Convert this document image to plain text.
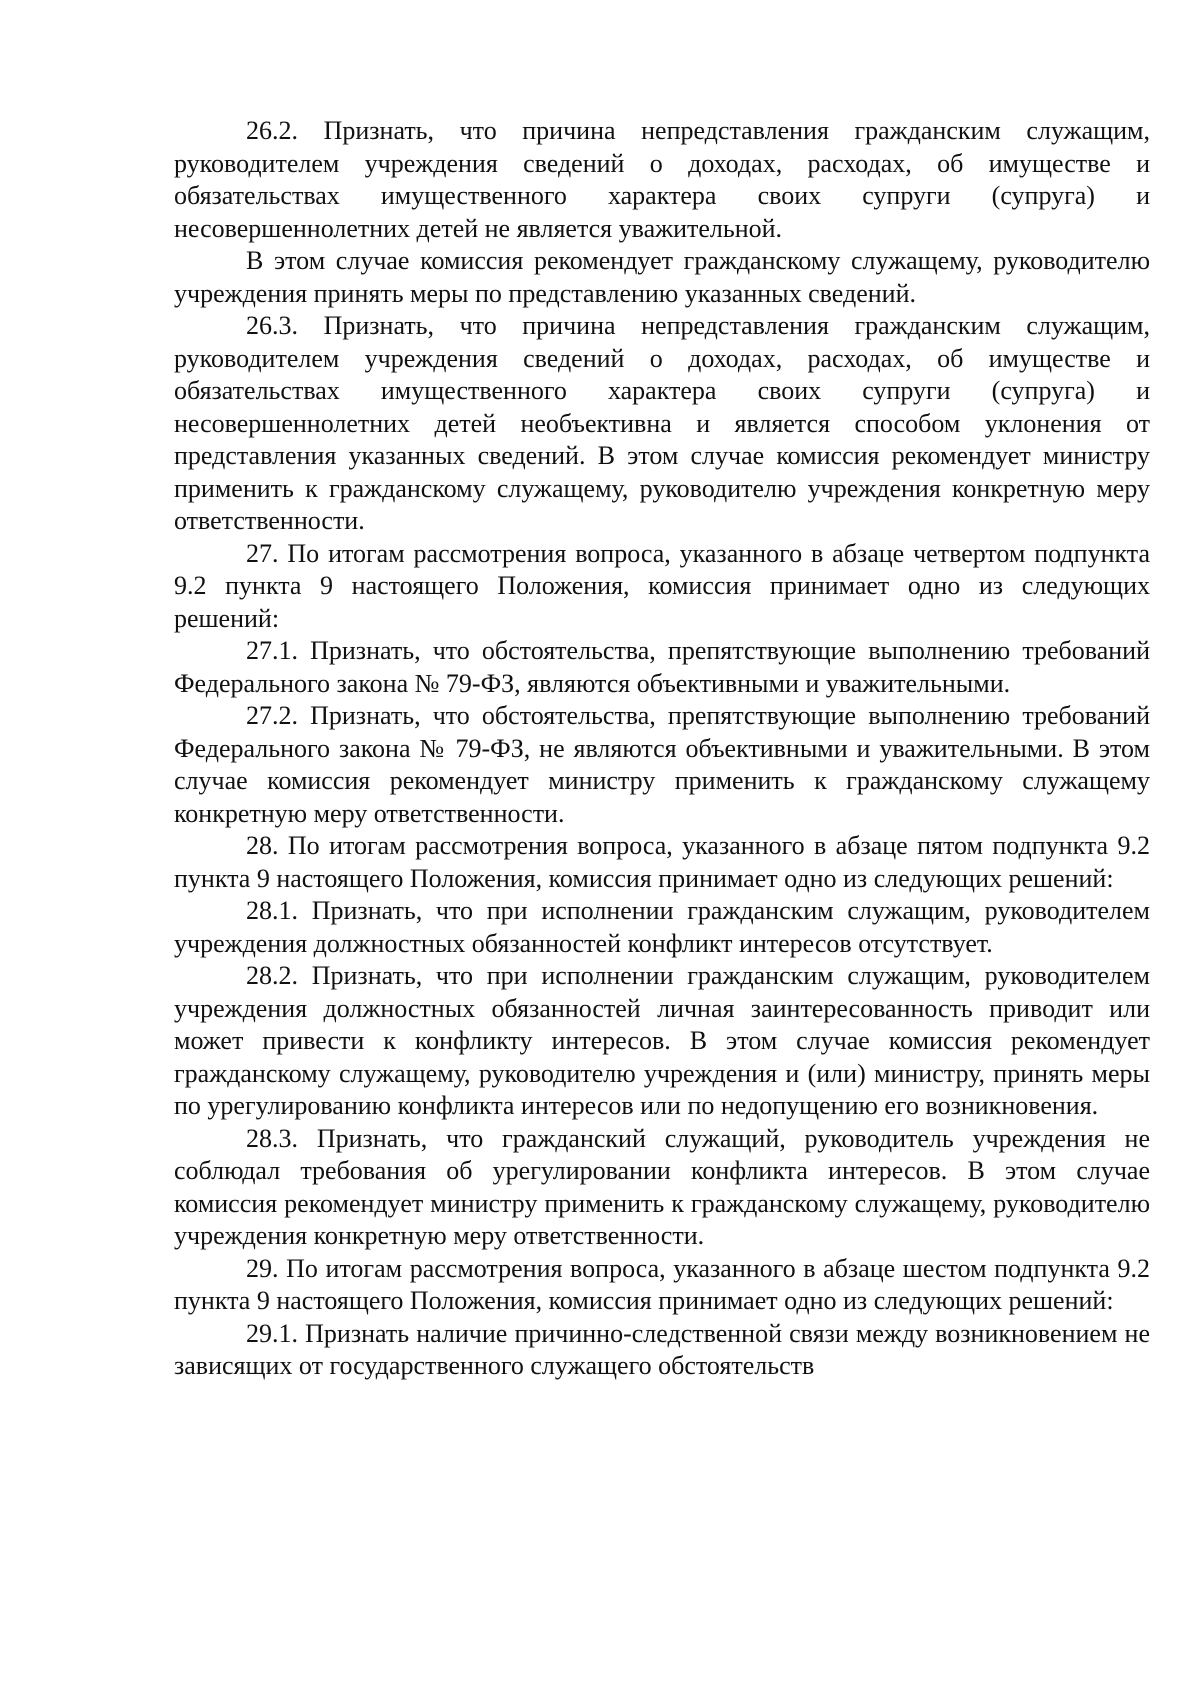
26.2. Признать, что причина непредставления гражданским служащим, руководителем учреждения сведений о доходах, расходах, об имуществе и обязательствах имущественного характера своих супруги (супруга) и несовершеннолетних детей не является уважительной.

В этом случае комиссия рекомендует гражданскому служащему, руководителю учреждения принять меры по представлению указанных сведений.

26.3. Признать, что причина непредставления гражданским служащим, руководителем учреждения сведений о доходах, расходах, об имуществе и обязательствах имущественного характера своих супруги (супруга) и несовершеннолетних детей необъективна и является способом уклонения от представления указанных сведений. В этом случае комиссия рекомендует министру применить к гражданскому служащему, руководителю учреждения конкретную меру ответственности.

27. По итогам рассмотрения вопроса, указанного в абзаце четвертом подпункта 9.2 пункта 9 настоящего Положения, комиссия принимает одно из следующих решений:

27.1. Признать, что обстоятельства, препятствующие выполнению требований Федерального закона № 79-ФЗ, являются объективными и уважительными.

27.2. Признать, что обстоятельства, препятствующие выполнению требований Федерального закона № 79-ФЗ, не являются объективными и уважительными. В этом случае комиссия рекомендует министру применить к гражданскому служащему конкретную меру ответственности.

28. По итогам рассмотрения вопроса, указанного в абзаце пятом подпункта 9.2 пункта 9 настоящего Положения, комиссия принимает одно из следующих решений:

28.1. Признать, что при исполнении гражданским служащим, руководителем учреждения должностных обязанностей конфликт интересов отсутствует.

28.2. Признать, что при исполнении гражданским служащим, руководителем учреждения должностных обязанностей личная заинтересованность приводит или может привести к конфликту интересов. В этом случае комиссия рекомендует гражданскому служащему, руководителю учреждения и (или) министру, принять меры по урегулированию конфликта интересов или по недопущению его возникновения.

28.3. Признать, что гражданский служащий, руководитель учреждения не соблюдал требования об урегулировании конфликта интересов. В этом случае комиссия рекомендует министру применить к гражданскому служащему, руководителю учреждения конкретную меру ответственности.

29. По итогам рассмотрения вопроса, указанного в абзаце шестом подпункта 9.2 пункта 9 настоящего Положения, комиссия принимает одно из следующих решений:

29.1. Признать наличие причинно-следственной связи между возникновением не зависящих от государственного служащего обстоятельств
